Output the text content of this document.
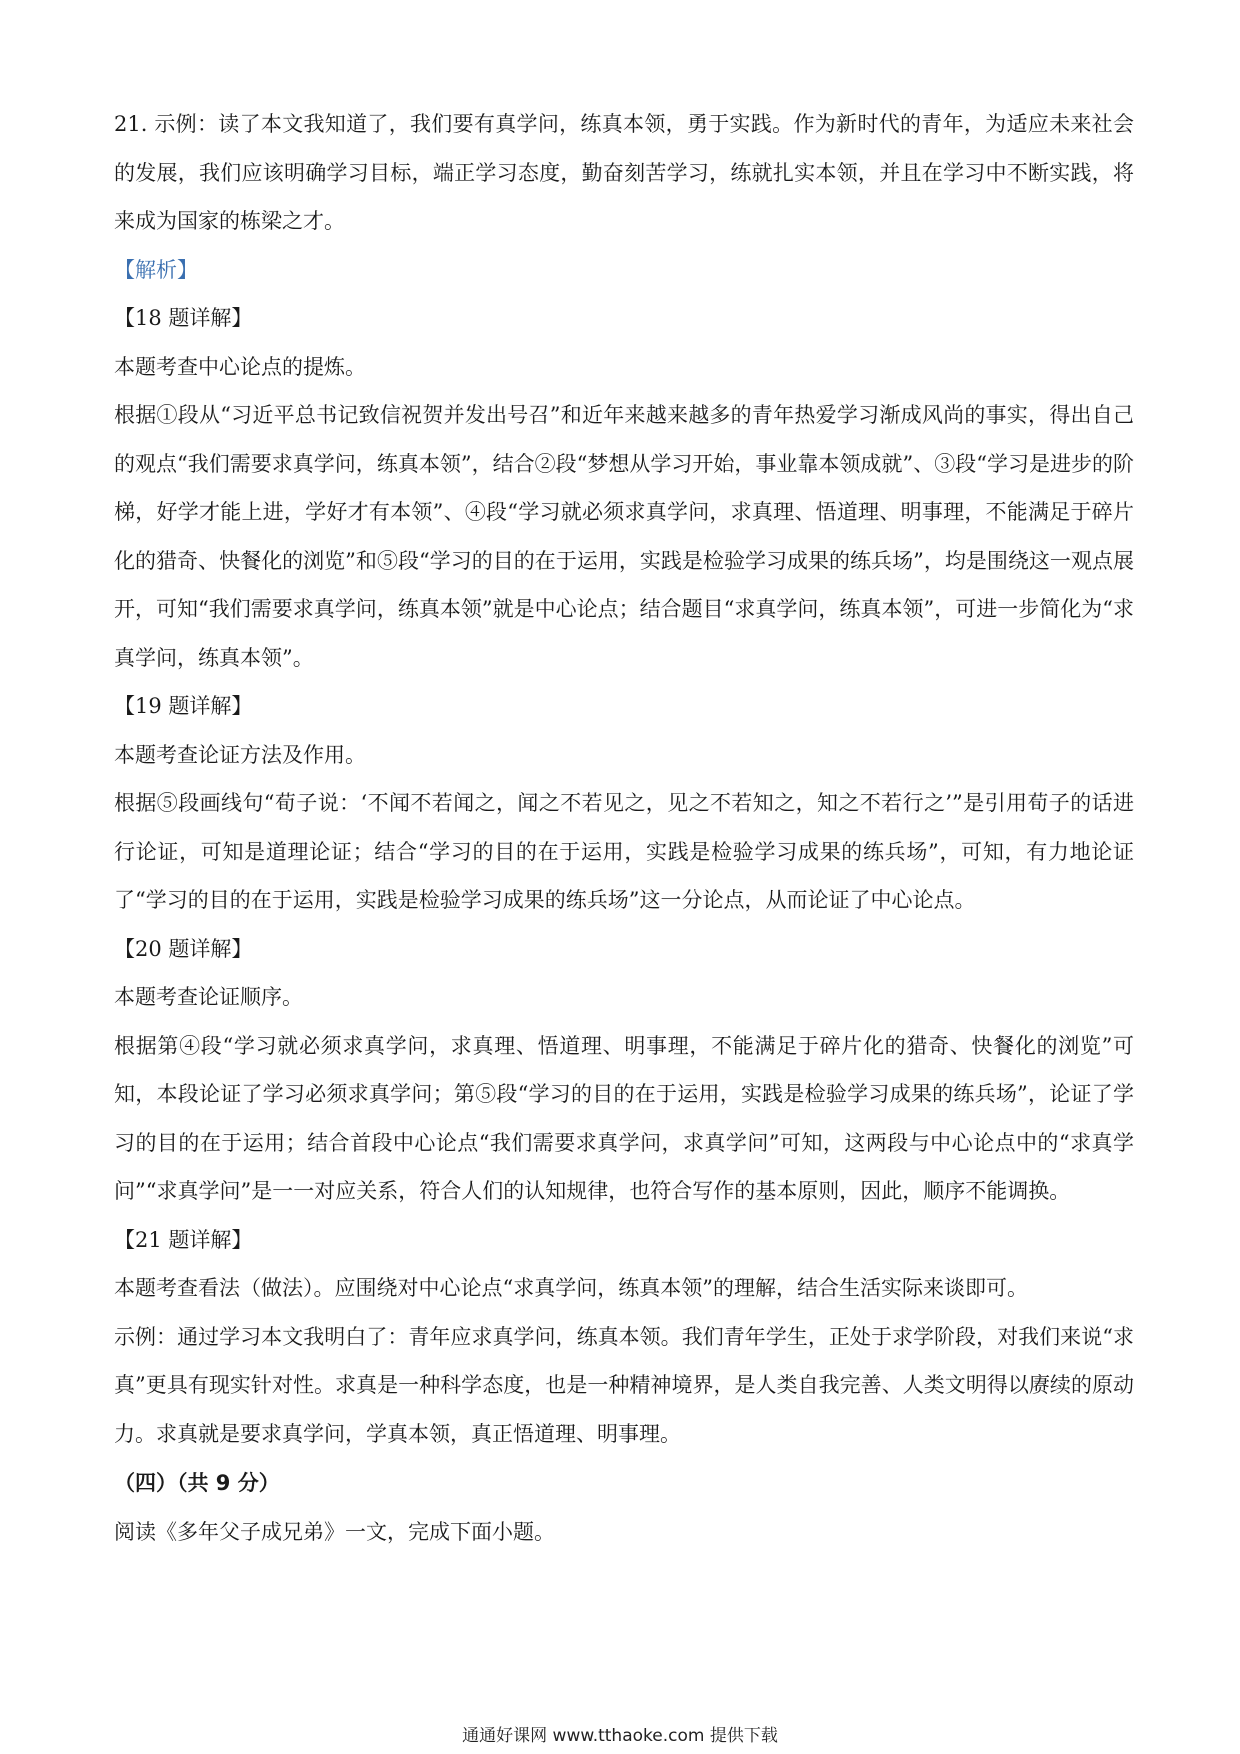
21. 示例：读了本文我知道了，我们要有真学问，练真本领，勇于实践。作为新时代的青年，为适应未来社会的发展，我们应该明确学习目标，端正学习态度，勤奋刻苦学习，练就扎实本领，并且在学习中不断实践，将来成为国家的栋梁之才。

【解析】

【18 题详解】

本题考查中心论点的提炼。

根据①段从“习近平总书记致信祝贺并发出号召”和近年来越来越多的青年热爱学习渐成风尚的事实，得出自己的观点“我们需要求真学问，练真本领”，结合②段“梦想从学习开始，事业靠本领成就”、③段“学习是进步的阶梯，好学才能上进，学好才有本领”、④段“学习就必须求真学问，求真理、悟道理、明事理，不能满足于碎片化的猎奇、快餐化的浏览”和⑤段“学习的目的在于运用，实践是检验学习成果的练兵场”，均是围绕这一观点展开，可知“我们需要求真学问，练真本领”就是中心论点；结合题目“求真学问，练真本领”，可进一步简化为“求真学问，练真本领”。

【19 题详解】

本题考查论证方法及作用。

根据⑤段画线句“荀子说：‘不闻不若闻之，闻之不若见之，见之不若知之，知之不若行之’”是引用荀子的话进行论证，可知是道理论证；结合“学习的目的在于运用，实践是检验学习成果的练兵场”，可知，有力地论证了“学习的目的在于运用，实践是检验学习成果的练兵场”这一分论点，从而论证了中心论点。

【20 题详解】

本题考查论证顺序。

根据第④段“学习就必须求真学问，求真理、悟道理、明事理，不能满足于碎片化的猎奇、快餐化的浏览”可知，本段论证了学习必须求真学问；第⑤段“学习的目的在于运用，实践是检验学习成果的练兵场”，论证了学习的目的在于运用；结合首段中心论点“我们需要求真学问，求真学问”可知，这两段与中心论点中的“求真学问”“求真学问”是一一对应关系，符合人们的认知规律，也符合写作的基本原则，因此，顺序不能调换。

【21 题详解】

本题考查看法（做法）。应围绕对中心论点“求真学问，练真本领”的理解，结合生活实际来谈即可。

示例：通过学习本文我明白了：青年应求真学问，练真本领。我们青年学生，正处于求学阶段，对我们来说“求真”更具有现实针对性。求真是一种科学态度，也是一种精神境界，是人类自我完善、人类文明得以赓续的原动力。求真就是要求真学问，学真本领，真正悟道理、明事理。

（四）（共 9 分）

阅读《多年父子成兄弟》一文，完成下面小题。

通通好课网 www.tthaoke.com 提供下载
